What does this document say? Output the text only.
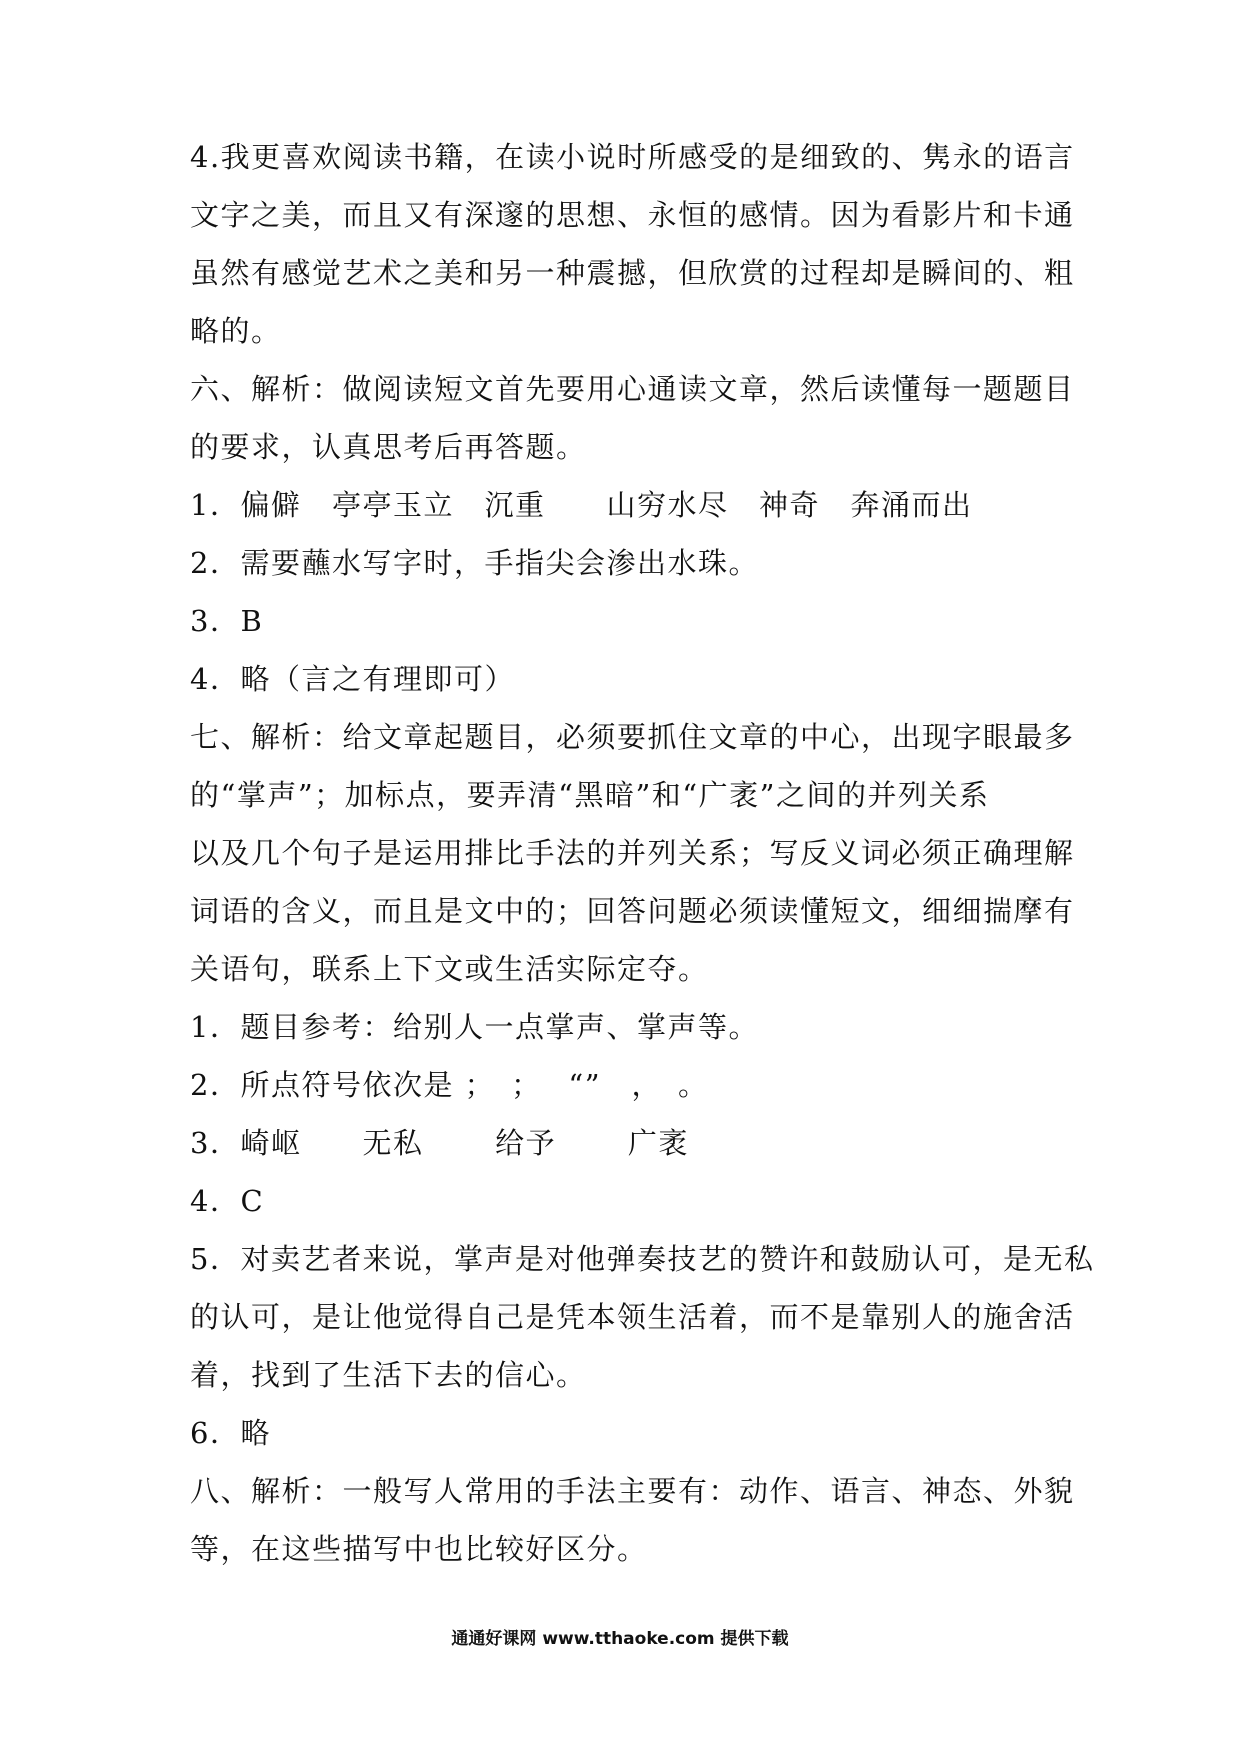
4.我更喜欢阅读书籍，在读小说时所感受的是细致的、隽永的语言
文字之美，而且又有深邃的思想、永恒的感情。因为看影片和卡通
虽然有感觉艺术之美和另一种震撼，但欣赏的过程却是瞬间的、粗
略的。
六、解析：做阅读短文首先要用心通读文章，然后读懂每一题题目
的要求，认真思考后再答题。
1．偏僻　亭亭玉立　沉重　　山穷水尽　神奇　奔涌而出
2．需要蘸水写字时，手指尖会渗出水珠。
3．B
4．略（言之有理即可）
七、解析：给文章起题目，必须要抓住文章的中心，出现字眼最多
的“掌声”；加标点，要弄清“黑暗”和“广袤”之间的并列关系
以及几个句子是运用排比手法的并列关系；写反义词必须正确理解
词语的含义，而且是文中的；回答问题必须读懂短文，细细揣摩有
关语句，联系上下文或生活实际定夺。
1．题目参考：给别人一点掌声、掌声等。
2．所点符号依次是 ；　；　 “”　，　。
3．崎岖　　无私　　 给予　　 广袤
4．C
5．对卖艺者来说，掌声是对他弹奏技艺的赞许和鼓励认可，是无私
的认可，是让他觉得自己是凭本领生活着，而不是靠别人的施舍活
着，找到了生活下去的信心。
6．略
八、解析：一般写人常用的手法主要有：动作、语言、神态、外貌
等，在这些描写中也比较好区分。
通通好课网 www.tthaoke.com 提供下载
